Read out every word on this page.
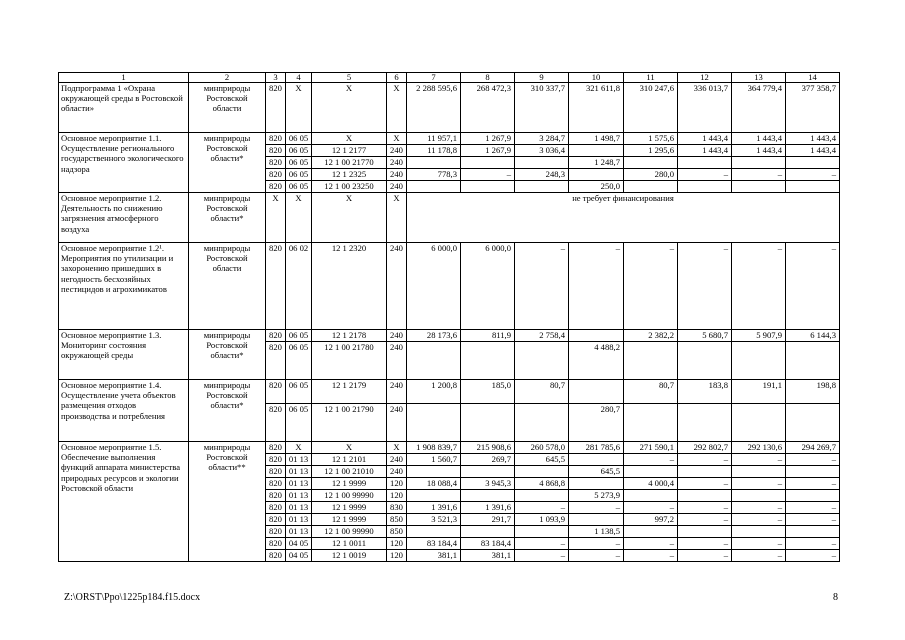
1	2	3	4	5	6	7	8	9	10	11	12	13	14
Подпрограмма 1 «Охрана окружающей среды в Ростовской области»	минприроды Ростовской области	820	Х	Х	Х	2 288 595,6	268 472,3	310 337,7	321 611,8	310 247,6	336 013,7	364 779,4	377 358,7
Основное мероприятие 1.1. Осуществление регионального государственного экологического надзора	минприроды Ростовской области*	820	06 05	Х	Х	11 957,1	1 267,9	3 284,7	1 498,7	1 575,6	1 443,4	1 443,4	1 443,4
		820	06 05	12 1 2177	240	11 178,8	1 267,9	3 036,4		1 295,6	1 443,4	1 443,4	1 443,4
		820	06 05	12 1 00 21770	240				1 248,7				
		820	06 05	12 1 2325	240	778,3	–	248,3		280,0	–	–	–
		820	06 05	12 1 00 23250	240				250,0				
Основное мероприятие 1.2. Деятельность по снижению загрязнения атмосферного воздуха	минприроды Ростовской области*	Х	Х	Х	Х	не требует финансирования							
Основное мероприятие 1.2¹. Мероприятия по утилизации и захоронению пришедших в негодность бесхозяйных пестицидов и агрохимикатов	минприроды Ростовской области	820	06 02	12 1 2320	240	6 000,0	6 000,0	–	–	–	–	–	–
Основное мероприятие 1.3. Мониторинг состояния окружающей среды	минприроды Ростовской области*	820	06 05	12 1 2178	240	28 173,6	811,9	2 758,4		2 382,2	5 680,7	5 907,9	6 144,3
		820	06 05	12 1 00 21780	240				4 488,2				
Основное мероприятие 1.4. Осуществление учета объектов размещения отходов производства и потребления	минприроды Ростовской области*	820	06 05	12 1 2179	240	1 200,8	185,0	80,7		80,7	183,8	191,1	198,8
		820	06 05	12 1 00 21790	240				280,7				
Основное мероприятие 1.5. Обеспечение выполнения функций аппарата министерства природных ресурсов и экологии Ростовской области	минприроды Ростовской области**	820	Х	Х	Х	1 908 839,7	215 908,6	260 578,0	281 785,6	271 590,1	292 802,7	292 130,6	294 269,7
		820	01 13	12 1 2101	240	1 560,7	269,7	645,5		–	–	–	–
		820	01 13	12 1 00 21010	240				645,5				
		820	01 13	12 1 9999	120	18 088,4	3 945,3	4 868,8		4 000,4	–	–	–
		820	01 13	12 1 00 99990	120				5 273,9				
		820	01 13	12 1 9999	830	1 391,6	1 391,6	–	–	–	–	–	–
		820	01 13	12 1 9999	850	3 521,3	291,7	1 093,9		997,2	–	–	–
		820	01 13	12 1 00 99990	850				1 138,5				
		820	04 05	12 1 0011	120	83 184,4	83 184,4	–	–	–	–	–	–
		820	04 05	12 1 0019	120	381,1	381,1	–	–	–	–	–	–
Z:\ORST\Ppo\1225p184.f15.docx	8
